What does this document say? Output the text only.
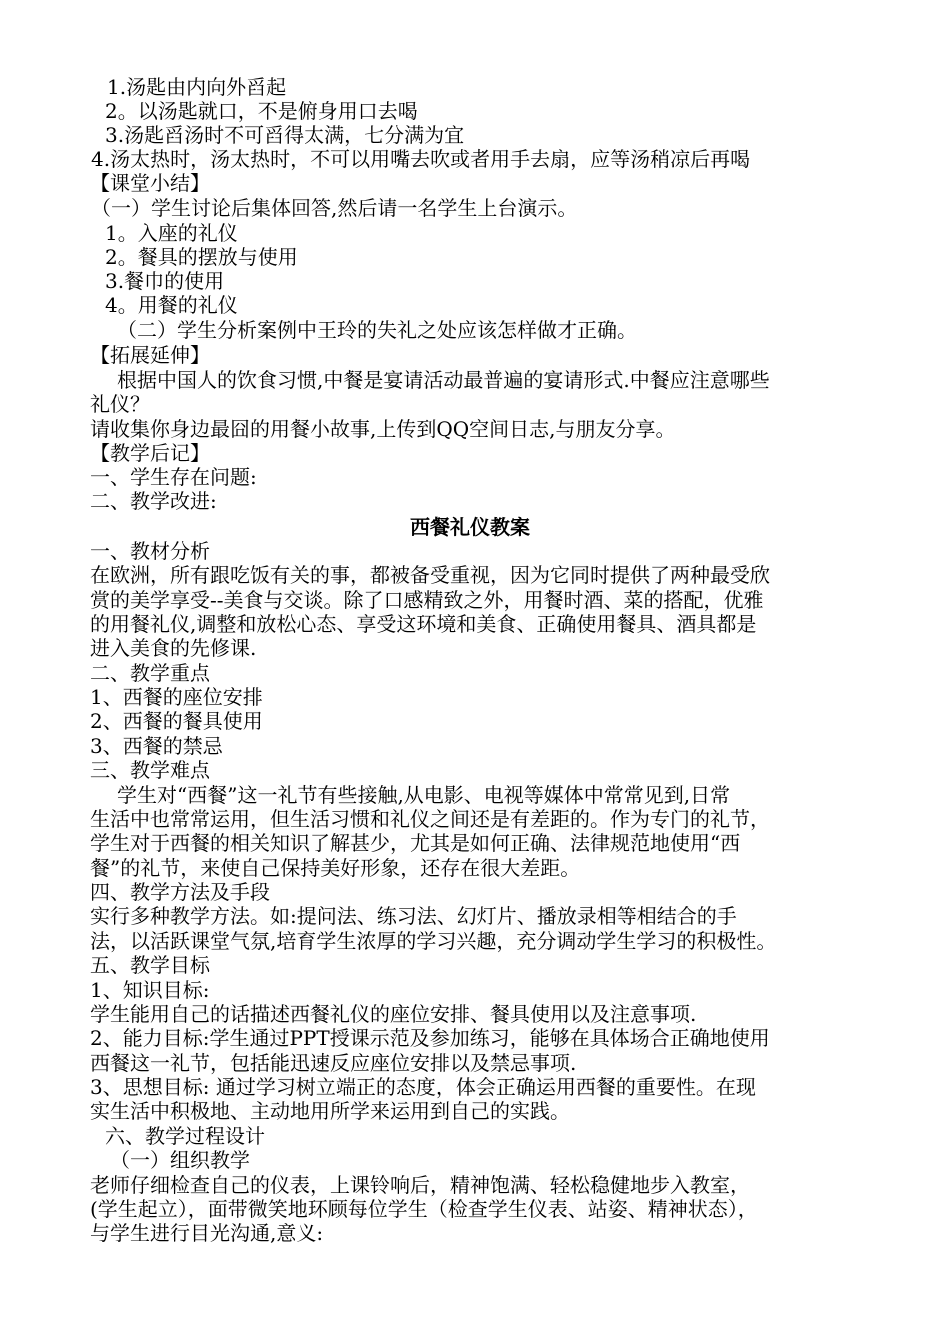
1.汤匙由内向外舀起
2。以汤匙就口，不是俯身用口去喝
3.汤匙舀汤时不可舀得太满，七分满为宜
4.汤太热时，汤太热时，不可以用嘴去吹或者用手去扇，应等汤稍凉后再喝
【课堂小结】
（一）学生讨论后集体回答,然后请一名学生上台演示。
1。入座的礼仪
2。餐具的摆放与使用
3.餐巾的使用
4。用餐的礼仪
（二）学生分析案例中王玲的失礼之处应该怎样做才正确。
【拓展延伸】
根据中国人的饮食习惯,中餐是宴请活动最普遍的宴请形式.中餐应注意哪些
礼仪？
请收集你身边最囧的用餐小故事,上传到QQ空间日志,与朋友分享。
【教学后记】
一、学生存在问题:
二、教学改进:
西餐礼仪教案
一、教材分析
在欧洲，所有跟吃饭有关的事，都被备受重视，因为它同时提供了两种最受欣
赏的美学享受--美食与交谈。除了口感精致之外，用餐时酒、菜的搭配，优雅
的用餐礼仪,调整和放松心态、享受这环境和美食、正确使用餐具、酒具都是
进入美食的先修课.
二、教学重点
1、西餐的座位安排
2、西餐的餐具使用
3、西餐的禁忌
三、教学难点
学生对“西餐”这一礼节有些接触,从电影、电视等媒体中常常见到,日常
生活中也常常运用，但生活习惯和礼仪之间还是有差距的。作为专门的礼节，
学生对于西餐的相关知识了解甚少，尤其是如何正确、法律规范地使用“西
餐”的礼节，来使自己保持美好形象，还存在很大差距。
四、教学方法及手段
实行多种教学方法。如:提问法、练习法、幻灯片、播放录相等相结合的手
法，以活跃课堂气氛,培育学生浓厚的学习兴趣，充分调动学生学习的积极性。
五、教学目标
1、知识目标:
学生能用自己的话描述西餐礼仪的座位安排、餐具使用以及注意事项.
2、能力目标:学生通过PPT授课示范及参加练习，能够在具体场合正确地使用
西餐这一礼节，包括能迅速反应座位安排以及禁忌事项.
3、思想目标: 通过学习树立端正的态度，体会正确运用西餐的重要性。在现
实生活中积极地、主动地用所学来运用到自己的实践。
六、教学过程设计
（一）组织教学
老师仔细检查自己的仪表，上课铃响后，精神饱满、轻松稳健地步入教室，
(学生起立），面带微笑地环顾每位学生（检查学生仪表、站姿、精神状态），
与学生进行目光沟通,意义:
